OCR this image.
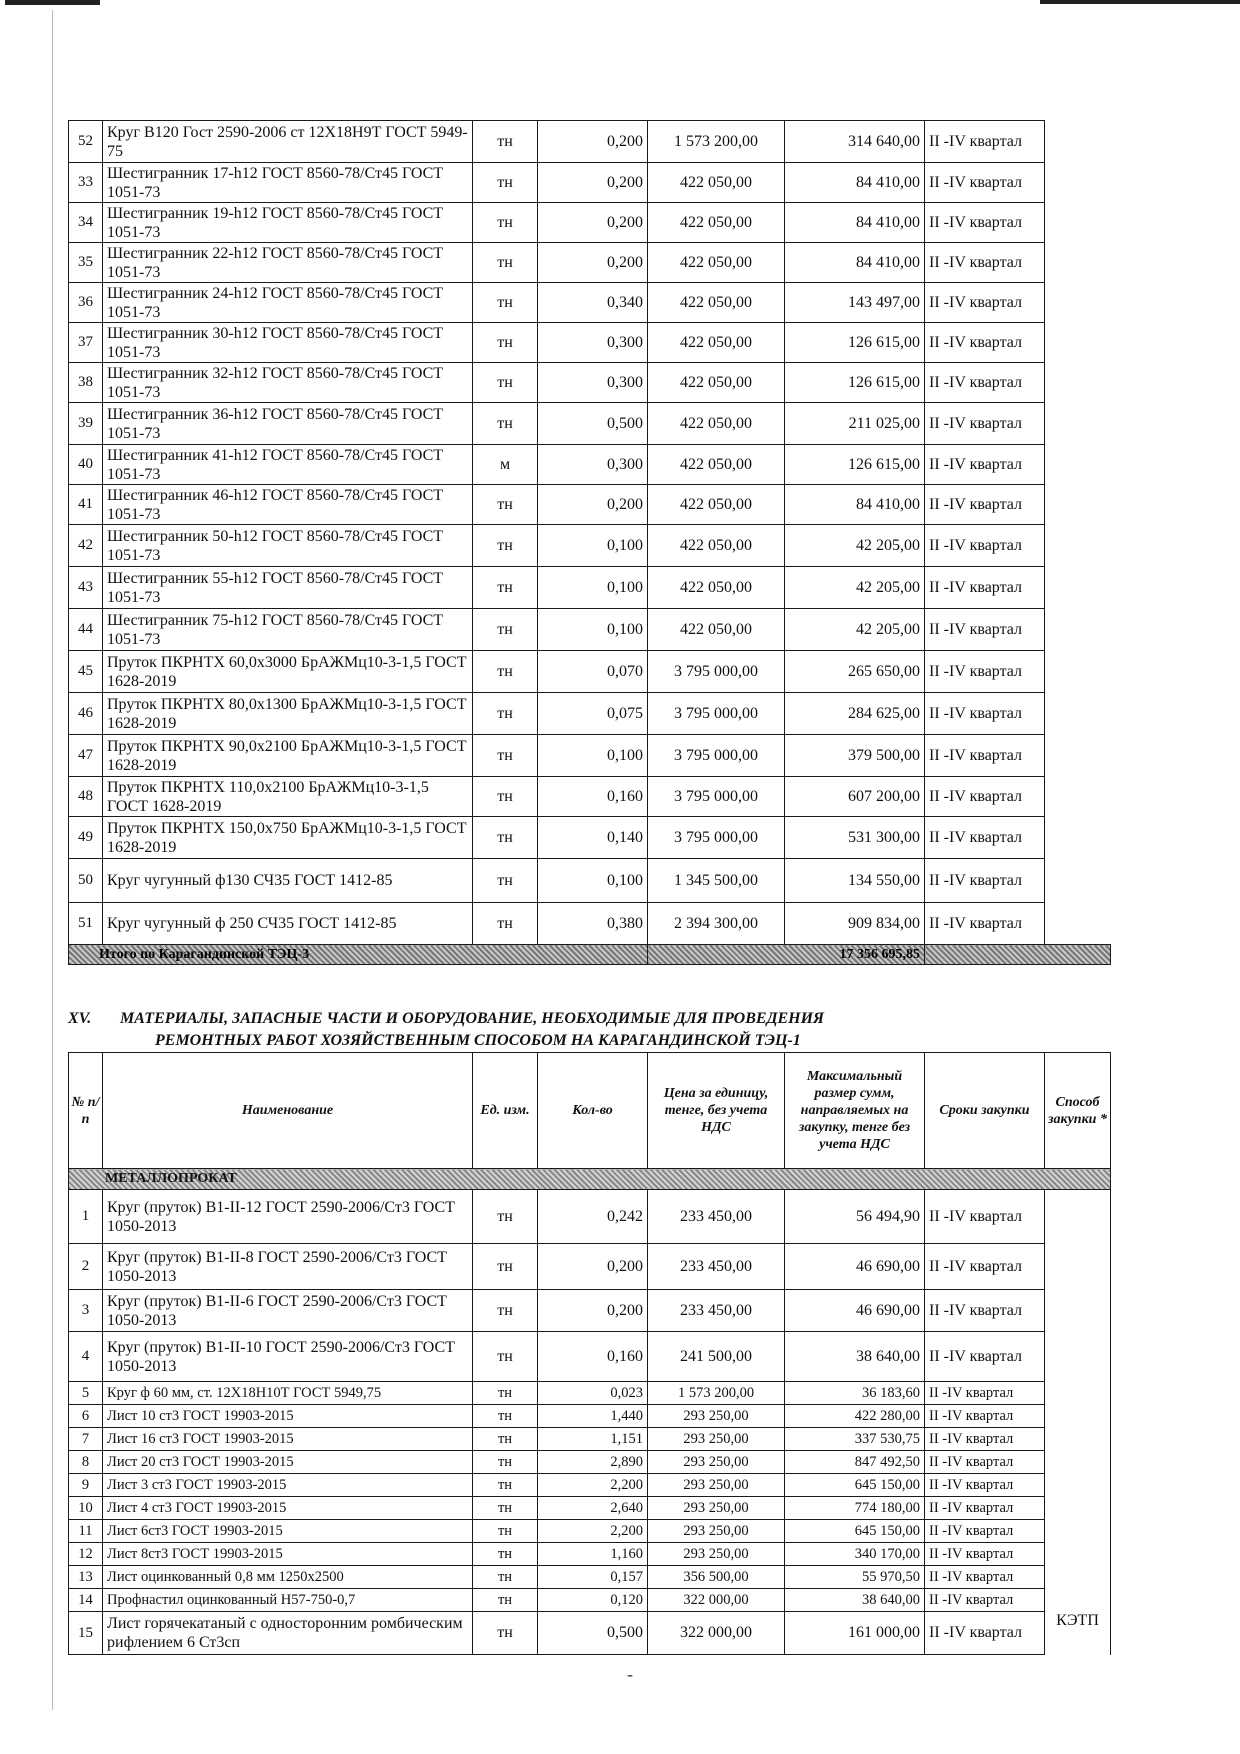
52	Круг В120 Гост 2590-2006 ст 12Х18Н9Т ГОСТ 5949-75	тн	0,200	1 573 200,00	314 640,00	II -IV квартал	
33	Шестигранник 17-h12 ГОСТ 8560-78/Ст45 ГОСТ 1051-73	тн	0,200	422 050,00	84 410,00	II -IV квартал	
34	Шестигранник 19-h12 ГОСТ 8560-78/Ст45 ГОСТ 1051-73	тн	0,200	422 050,00	84 410,00	II -IV квартал	
35	Шестигранник 22-h12 ГОСТ 8560-78/Ст45 ГОСТ 1051-73	тн	0,200	422 050,00	84 410,00	II -IV квартал	
36	Шестигранник 24-h12 ГОСТ 8560-78/Ст45 ГОСТ 1051-73	тн	0,340	422 050,00	143 497,00	II -IV квартал	
37	Шестигранник 30-h12 ГОСТ 8560-78/Ст45 ГОСТ 1051-73	тн	0,300	422 050,00	126 615,00	II -IV квартал	
38	Шестигранник 32-h12 ГОСТ 8560-78/Ст45 ГОСТ 1051-73	тн	0,300	422 050,00	126 615,00	II -IV квартал	
39	Шестигранник 36-h12 ГОСТ 8560-78/Ст45 ГОСТ 1051-73	тн	0,500	422 050,00	211 025,00	II -IV квартал	
40	Шестигранник 41-h12 ГОСТ 8560-78/Ст45 ГОСТ 1051-73	м	0,300	422 050,00	126 615,00	II -IV квартал	
41	Шестигранник 46-h12 ГОСТ 8560-78/Ст45 ГОСТ 1051-73	тн	0,200	422 050,00	84 410,00	II -IV квартал	
42	Шестигранник 50-h12 ГОСТ 8560-78/Ст45 ГОСТ 1051-73	тн	0,100	422 050,00	42 205,00	II -IV квартал	
43	Шестигранник 55-h12 ГОСТ 8560-78/Ст45 ГОСТ 1051-73	тн	0,100	422 050,00	42 205,00	II -IV квартал	
44	Шестигранник 75-h12 ГОСТ 8560-78/Ст45 ГОСТ 1051-73	тн	0,100	422 050,00	42 205,00	II -IV квартал	
45	Пруток ПКРНТХ 60,0х3000 БрАЖМц10-3-1,5 ГОСТ 1628-2019	тн	0,070	3 795 000,00	265 650,00	II -IV квартал	
46	Пруток ПКРНТХ 80,0х1300 БрАЖМц10-3-1,5 ГОСТ 1628-2019	тн	0,075	3 795 000,00	284 625,00	II -IV квартал	
47	Пруток ПКРНТХ 90,0х2100 БрАЖМц10-3-1,5 ГОСТ 1628-2019	тн	0,100	3 795 000,00	379 500,00	II -IV квартал	
48	Пруток ПКРНТХ 110,0х2100 БрАЖМц10-3-1,5 ГОСТ 1628-2019	тн	0,160	3 795 000,00	607 200,00	II -IV квартал	
49	Пруток ПКРНТХ 150,0х750 БрАЖМц10-3-1,5 ГОСТ 1628-2019	тн	0,140	3 795 000,00	531 300,00	II -IV квартал	
50	Круг чугунный ф130 СЧ35 ГОСТ 1412-85	тн	0,100	1 345 500,00	134 550,00	II -IV квартал	
51	Круг чугунный ф 250 СЧ35 ГОСТ 1412-85	тн	0,380	2 394 300,00	909 834,00	II -IV квартал	
Итого по Карагандинской ТЭЦ-3				17 356 695,85			
XV. МАТЕРИАЛЫ, ЗАПАСНЫЕ ЧАСТИ И ОБОРУДОВАНИЕ, НЕОБХОДИМЫЕ ДЛЯ ПРОВЕДЕНИЯ
РЕМОНТНЫХ РАБОТ ХОЗЯЙСТВЕННЫМ СПОСОБОМ НА КАРАГАНДИНСКОЙ ТЭЦ-1
№ п/п	Наименование	Ед. изм.	Кол-во	Цена за единицу, тенге, без учета НДС	Максимальный размер сумм, направляемых на закупку, тенге без учета НДС	Сроки закупки	Способ закупки *
МЕТАЛЛОПРОКАТ							
1	Круг (пруток) В1-II-12 ГОСТ 2590-2006/Ст3 ГОСТ 1050-2013	тн	0,242	233 450,00	56 494,90	II -IV квартал	
2	Круг (пруток) В1-II-8 ГОСТ 2590-2006/Ст3 ГОСТ 1050-2013	тн	0,200	233 450,00	46 690,00	II -IV квартал	
3	Круг (пруток) В1-II-6 ГОСТ 2590-2006/Ст3 ГОСТ 1050-2013	тн	0,200	233 450,00	46 690,00	II -IV квартал	
4	Круг (пруток) В1-II-10 ГОСТ 2590-2006/Ст3 ГОСТ 1050-2013	тн	0,160	241 500,00	38 640,00	II -IV квартал	
5	Круг ф 60 мм, ст. 12Х18Н10Т ГОСТ 5949,75	тн	0,023	1 573 200,00	36 183,60	II -IV квартал	
6	Лист 10 ст3 ГОСТ 19903-2015	тн	1,440	293 250,00	422 280,00	II -IV квартал	
7	Лист 16 ст3 ГОСТ 19903-2015	тн	1,151	293 250,00	337 530,75	II -IV квартал	
8	Лист 20 ст3 ГОСТ 19903-2015	тн	2,890	293 250,00	847 492,50	II -IV квартал	
9	Лист 3 ст3 ГОСТ 19903-2015	тн	2,200	293 250,00	645 150,00	II -IV квартал	
10	Лист 4 ст3 ГОСТ 19903-2015	тн	2,640	293 250,00	774 180,00	II -IV квартал	
11	Лист 6ст3 ГОСТ 19903-2015	тн	2,200	293 250,00	645 150,00	II -IV квартал	
12	Лист 8ст3 ГОСТ 19903-2015	тн	1,160	293 250,00	340 170,00	II -IV квартал	
13	Лист оцинкованный 0,8 мм 1250х2500	тн	0,157	356 500,00	55 970,50	II -IV квартал	
14	Профнастил оцинкованный Н57-750-0,7	тн	0,120	322 000,00	38 640,00	II -IV квартал	
15	Лист горячекатаный с односторонним ромбическим рифлением 6 Ст3сп	тн	0,500	322 000,00	161 000,00	II -IV квартал	КЭТП
-
